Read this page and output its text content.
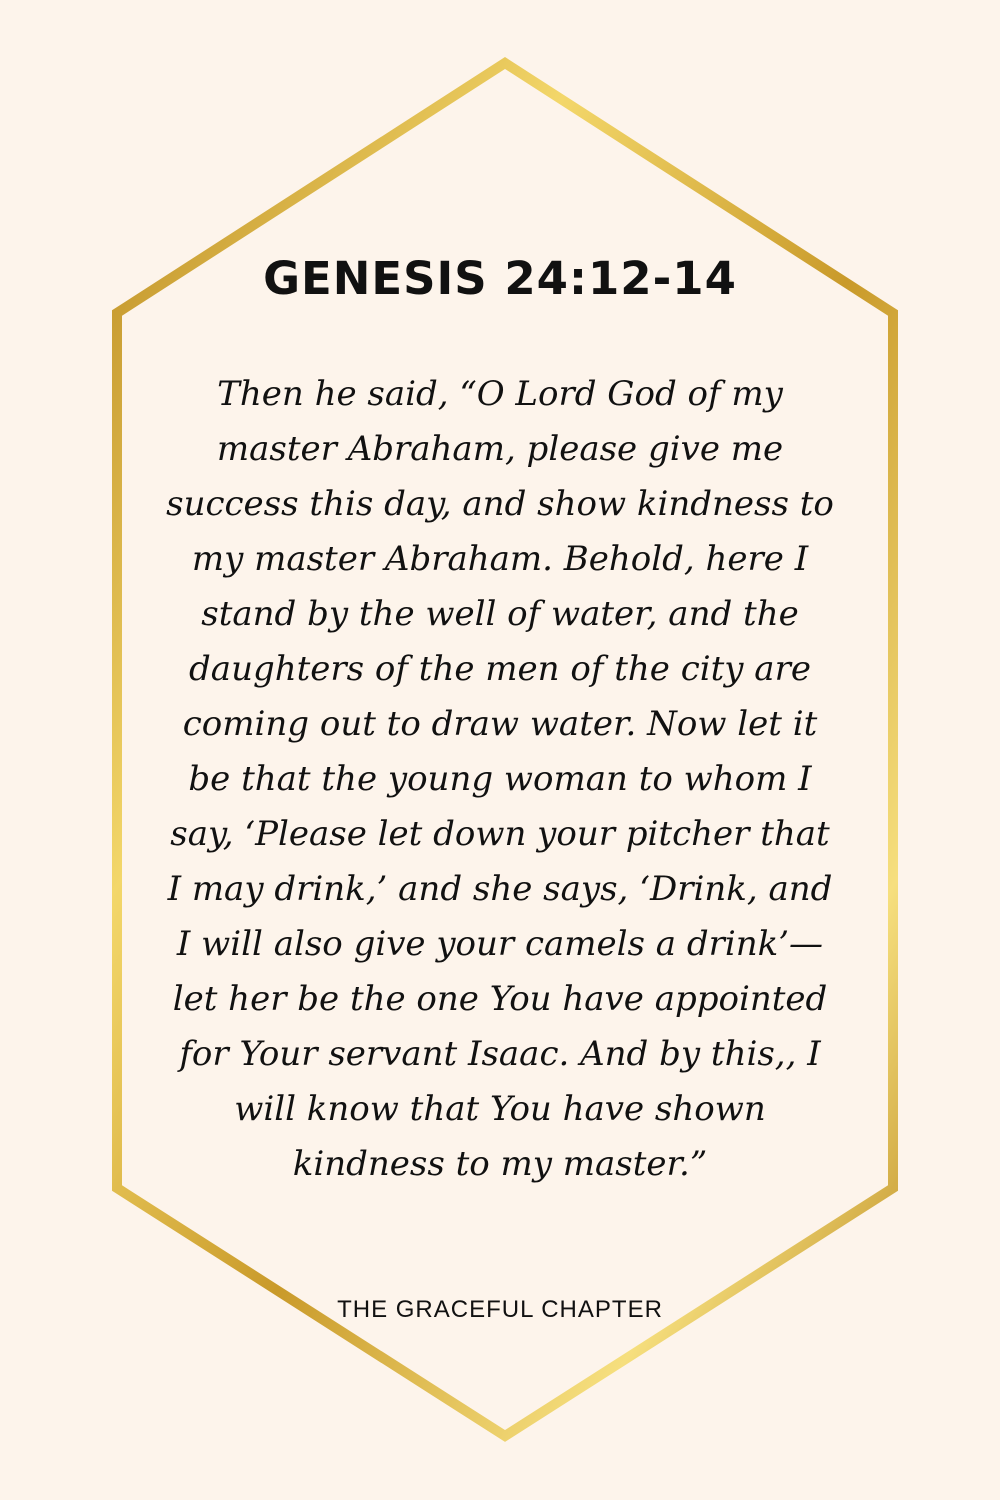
GENESIS 24:12-14

Then he said, “O Lord God of my master Abraham, please give me success this day, and show kindness to my master Abraham. Behold, here I stand by the well of water, and the daughters of the men of the city are coming out to draw water. Now let it be that the young woman to whom I say, ‘Please let down your pitcher that I may drink,’ and she says, ‘Drink, and I will also give your camels a drink’—let her be the one You have appointed for Your servant Isaac. And by this,, I will know that You have shown kindness to my master.”

THE GRACEFUL CHAPTER
